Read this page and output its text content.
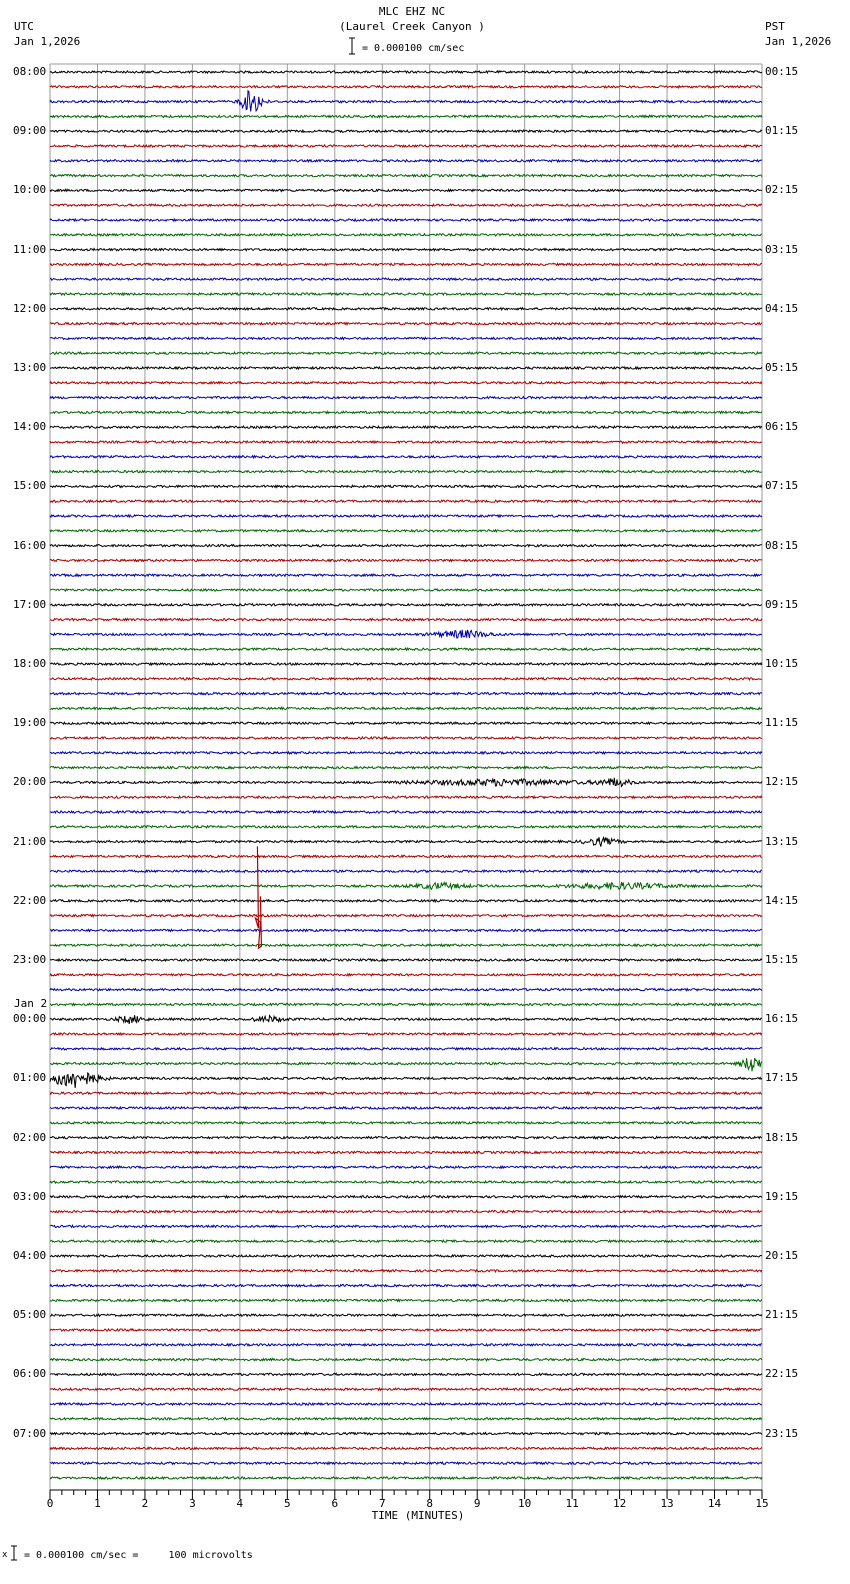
MLC EHZ NC
(Laurel Creek Canyon )
= 0.000100 cm/sec
UTC
Jan 1,2026
PST
Jan 1,2026
08:00
09:00
10:00
11:00
12:00
13:00
14:00
15:00
16:00
17:00
18:00
19:00
20:00
21:00
22:00
23:00
00:00
01:00
02:00
03:00
04:00
05:00
06:00
07:00
00:15
01:15
02:15
03:15
04:15
05:15
06:15
07:15
08:15
09:15
10:15
11:15
12:15
13:15
14:15
15:15
16:15
17:15
18:15
19:15
20:15
21:15
22:15
23:15
0	1	2	3	4	5	6	7	8	9	10	11	12	13	14	15
Jan 2
TIME (MINUTES)
x = 0.000100 cm/sec =     100 microvolts
